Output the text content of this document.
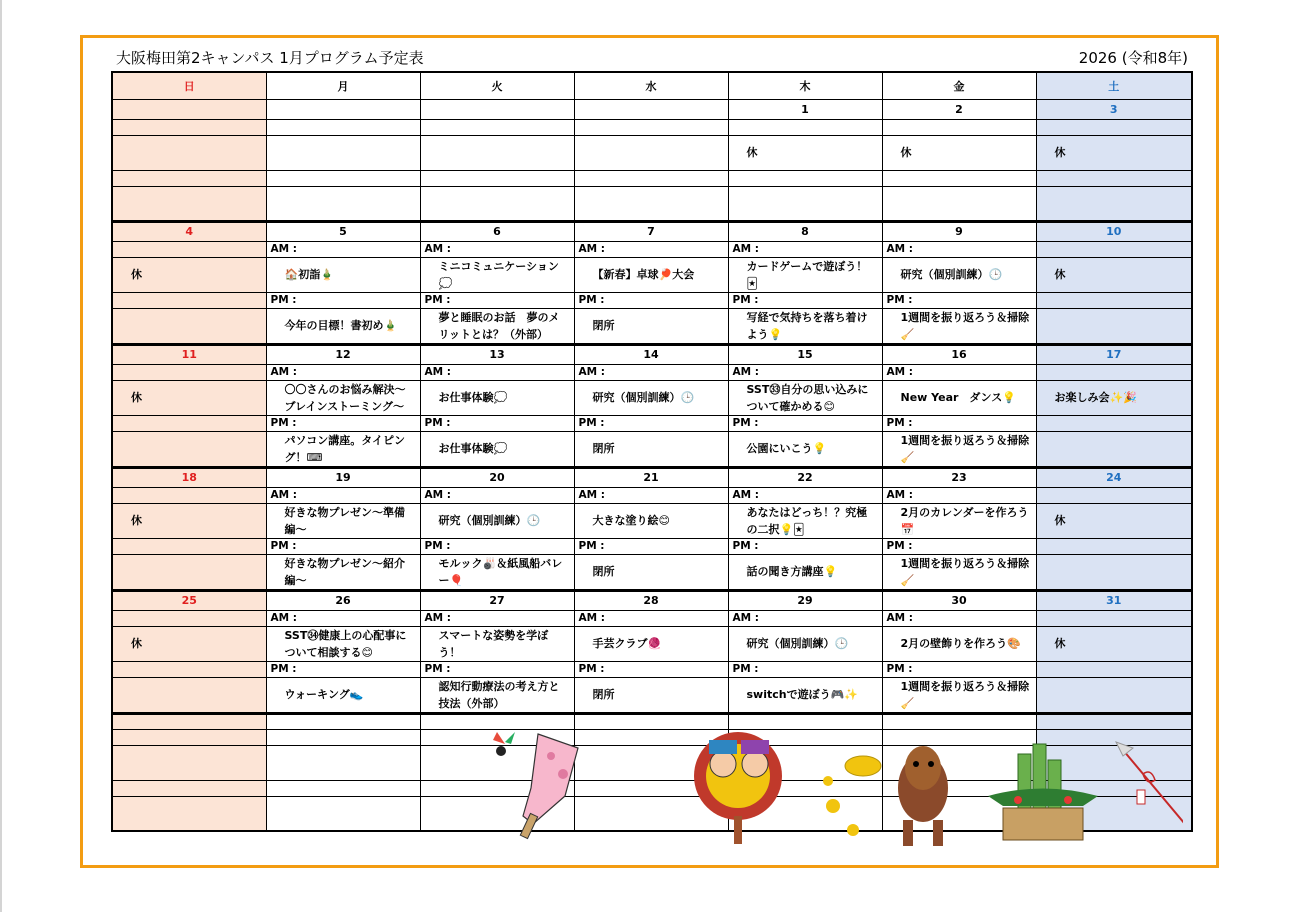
大阪梅田第2キャンパス 1月プログラム予定表	2026 (令和8年)
日	月	火	水	木	金	土
				1	2	3

				休	休	休

4	5	6	7	8	9	10
	AM :	AM :	AM :	AM :	AM :	

休	🏠初詣🎍	ミニコミュニケーション💭	【新春】卓球🏓大会	カードゲームで遊ぼう！🃏	研究（個別訓練）🕒	休

	PM :	PM :	PM :	PM :	PM :	

	今年の目標！書初め🎍	夢と睡眠のお話　夢のメリットとは？（外部）	閉所	写経で気持ちを落ち着けよう💡	1週間を振り返ろう＆掃除🧹	

11	12	13	14	15	16	17
	AM :	AM :	AM :	AM :	AM :	

休	〇〇さんのお悩み解決～ブレインストーミング～	お仕事体験💭	研究（個別訓練）🕒	SST㉝自分の思い込みについて確かめる😊	New Year　ダンス💡	お楽しみ会✨🎉

	PM :	PM :	PM :	PM :	PM :	

	パソコン講座。タイピング！⌨	お仕事体験💭	閉所	公園にいこう💡	1週間を振り返ろう＆掃除🧹	

18	19	20	21	22	23	24
	AM :	AM :	AM :	AM :	AM :	

休	好きな物プレゼン～準備編～	研究（個別訓練）🕒	大きな塗り絵😊	あなたはどっち！？究極の二択💡🃏	2月のカレンダーを作ろう📅	休

	PM :	PM :	PM :	PM :	PM :	

	好きな物プレゼン～紹介編～	モルック🎳＆紙風船バレー🎈	閉所	話の聞き方講座💡	1週間を振り返ろう＆掃除🧹	

25	26	27	28	29	30	31
	AM :	AM :	AM :	AM :	AM :	

休	SST㉞健康上の心配事について相談する😊	スマートな姿勢を学ぼう！	手芸クラブ🧶	研究（個別訓練）🕒	2月の壁飾りを作ろう🎨	休

	PM :	PM :	PM :	PM :	PM :	

	ウォーキング👟	認知行動療法の考え方と技法（外部）	閉所	switchで遊ぼう🎮✨	1週間を振り返ろう＆掃除🧹	
